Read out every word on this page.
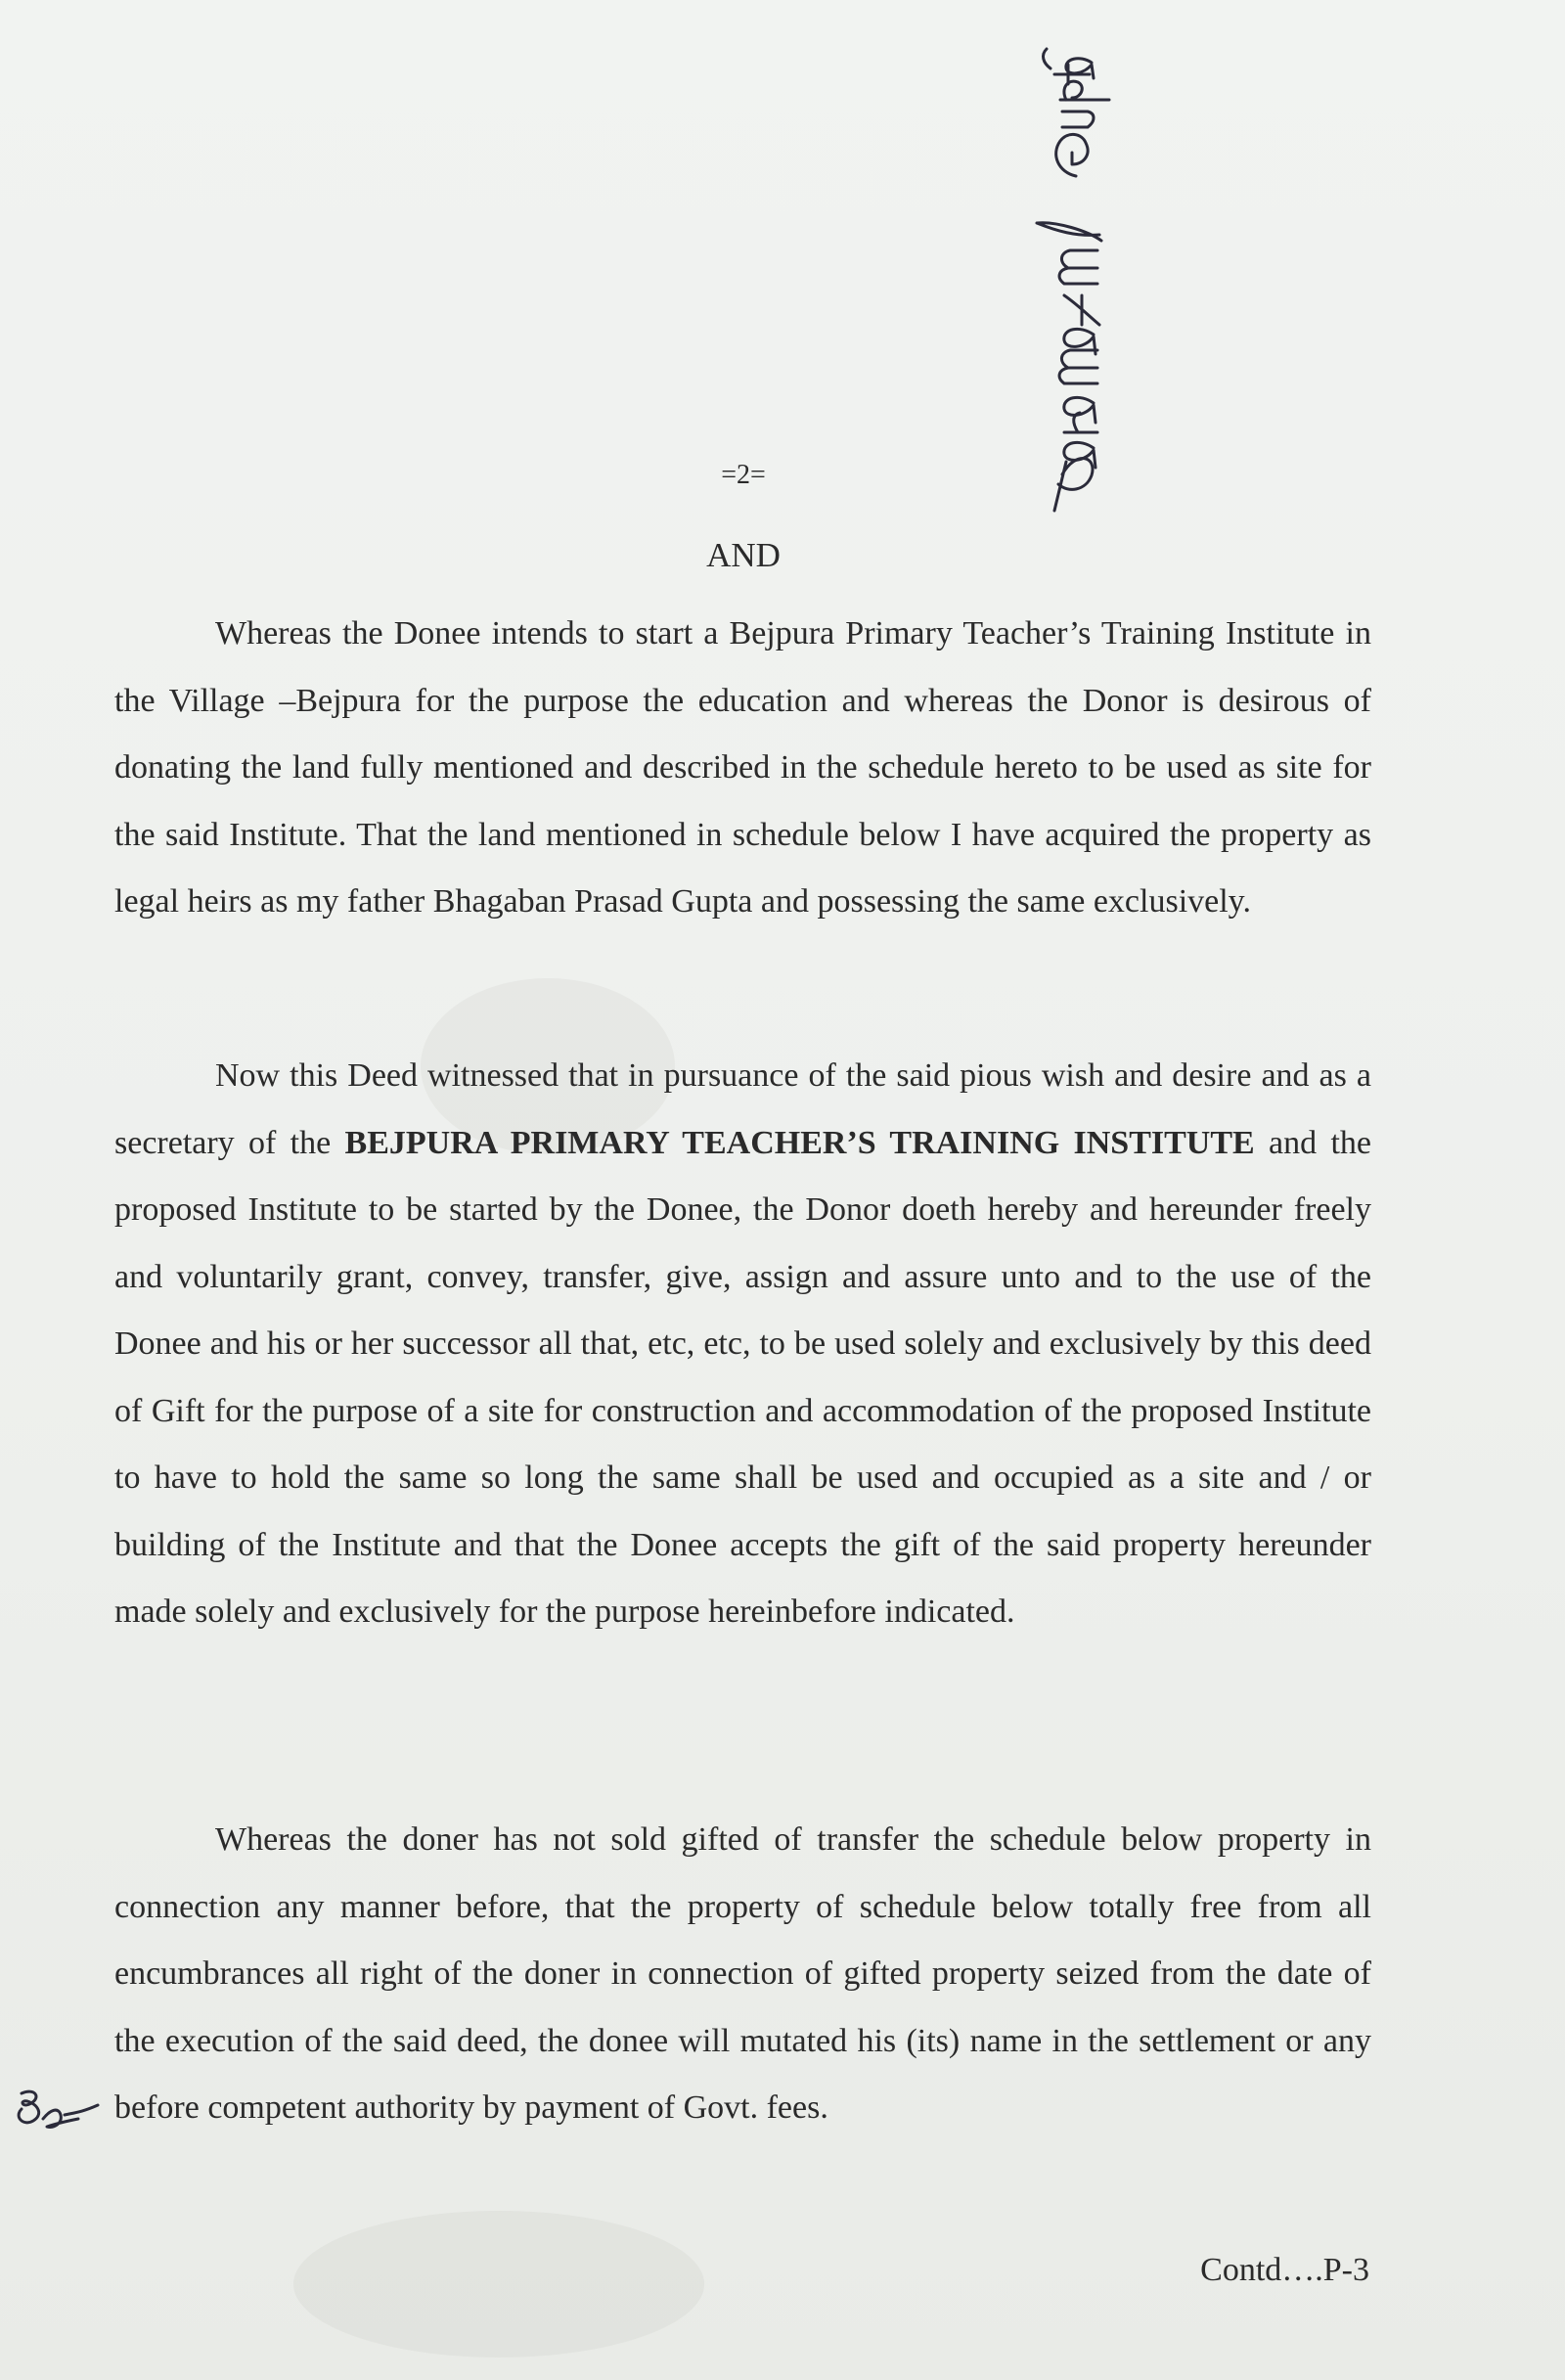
=2=
AND

Whereas the Donee intends to start a Bejpura Primary Teacher’s Training Institute in the Village –Bejpura for the purpose the education and whereas the Donor is desirous of donating the land fully mentioned and described in the schedule hereto to be used as site for the said Institute. That the land mentioned in schedule below I have acquired the property as legal heirs as my father Bhagaban Prasad Gupta and possessing the same exclusively.

Now this Deed witnessed that in pursuance of the said pious wish and desire and as a secretary of the BEJPURA PRIMARY TEACHER’S TRAINING INSTITUTE and the proposed Institute to be started by the Donee, the Donor doeth hereby and hereunder freely and voluntarily grant, convey, transfer, give, assign and assure unto and to the use of the Donee and his or her successor all that, etc, etc, to be used solely and exclusively by this deed of Gift for the purpose of a site for construction and accommodation of the proposed Institute to have to hold the same so long the same shall be used and occupied as a site and / or building of the Institute and that the Donee accepts the gift of the said property hereunder made solely and exclusively for the purpose hereinbefore indicated.

Whereas the doner has not sold gifted of transfer the schedule below property in connection any manner before, that the property of schedule below totally free from all encumbrances all right of the doner in connection of gifted property seized from the date of the execution of the said deed, the donee will mutated his (its) name in the settlement or any before competent authority by payment of Govt. fees.

Contd….P-3
